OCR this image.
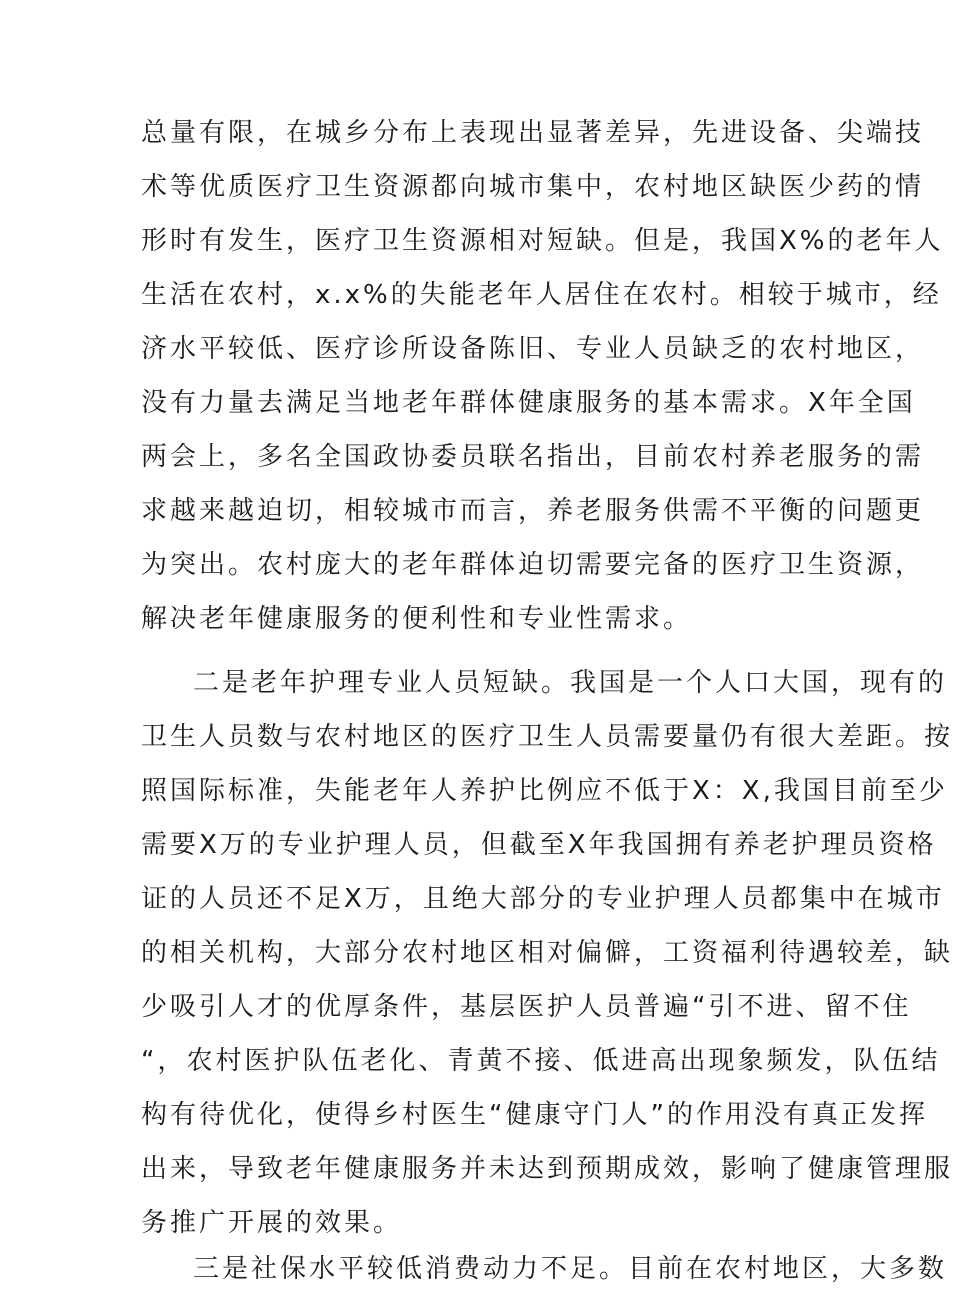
总量有限，在城乡分布上表现出显著差异，先进设备、尖端技
术等优质医疗卫生资源都向城市集中，农村地区缺医少药的情
形时有发生，医疗卫生资源相对短缺。但是，我国X%的老年人
生活在农村，x.x%的失能老年人居住在农村。相较于城市，经
济水平较低、医疗诊所设备陈旧、专业人员缺乏的农村地区，
没有力量去满足当地老年群体健康服务的基本需求。X年全国
两会上，多名全国政协委员联名指出，目前农村养老服务的需
求越来越迫切，相较城市而言，养老服务供需不平衡的问题更
为突出。农村庞大的老年群体迫切需要完备的医疗卫生资源，
解决老年健康服务的便利性和专业性需求。
二是老年护理专业人员短缺。我国是一个人口大国，现有的
卫生人员数与农村地区的医疗卫生人员需要量仍有很大差距。按
照国际标准，失能老年人养护比例应不低于X：X,我国目前至少
需要X万的专业护理人员，但截至X年我国拥有养老护理员资格
证的人员还不足X万，且绝大部分的专业护理人员都集中在城市
的相关机构，大部分农村地区相对偏僻，工资福利待遇较差，缺
少吸引人才的优厚条件，基层医护人员普遍“引不进、留不住
“，农村医护队伍老化、青黄不接、低进高出现象频发，队伍结
构有待优化，使得乡村医生“健康守门人”的作用没有真正发挥
出来，导致老年健康服务并未达到预期成效，影响了健康管理服
务推广开展的效果。
三是社保水平较低消费动力不足。目前在农村地区，大多数
